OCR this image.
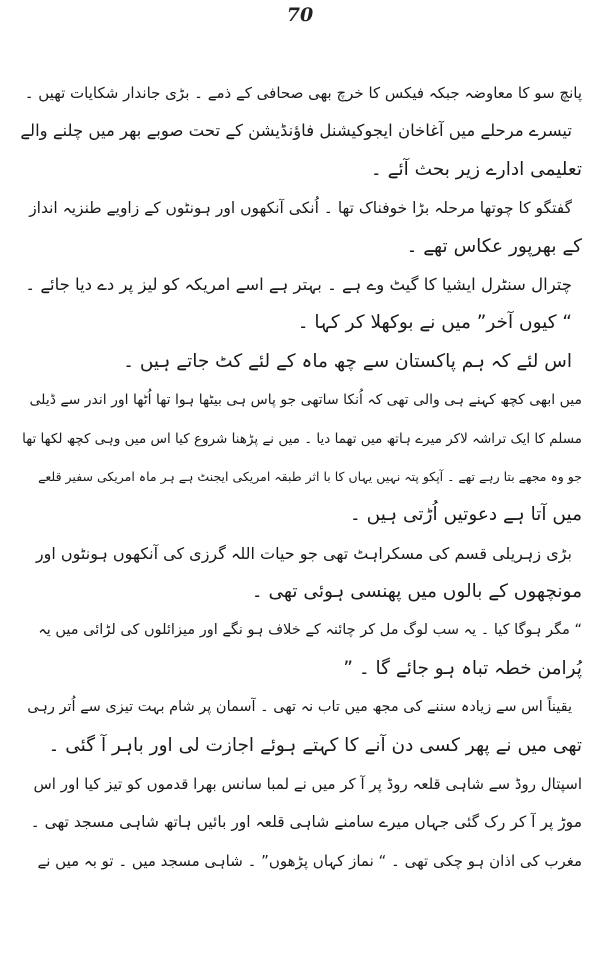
70
پانچ سو کا معاوضہ جبکہ فیکس کا خرچ بھی صحافی کے ذمے ۔ بڑی جاندار شکایات تھیں ۔
تیسرے مرحلے میں آغاخان ایجوکیشنل فاؤنڈیشن کے تحت صوبے بھر میں چلنے والے
تعلیمی ادارے زیر بحث آئے ۔
گفتگو کا چوتھا مرحلہ بڑا خوفناک تھا ۔ اُنکی آنکھوں اور ہونٹوں کے زاویے طنزیہ انداز
کے بھرپور عکاس تھے ۔
چترال سنٹرل ایشیا کا گیٹ وے ہے ۔ بہتر ہے اسے امریکہ کو لیز پر دے دیا جائے ۔
“ کیوں آخر” میں نے بوکھلا کر کہا ۔
اس لئے کہ ہم پاکستان سے چھ ماہ کے لئے کٹ جاتے ہیں ۔
میں ابھی کچھ کہنے ہی والی تھی کہ اُنکا ساتھی جو پاس ہی بیٹھا ہوا تھا اُٹھا اور اندر سے ڈیلی
مسلم کا ایک تراشہ لاکر میرے ہاتھ میں تھما دیا ۔ میں نے پڑھنا شروع کیا اس میں وہی کچھ لکھا تھا
جو وہ مجھے بتا رہے تھے ۔ آپکو پتہ نہیں یہاں کا با اثر طبقہ امریکی ایجنٹ ہے ہر ماہ امریکی سفیر قلعے
میں آتا ہے دعوتیں اُڑتی ہیں ۔
بڑی زہریلی قسم کی مسکراہٹ تھی جو حیات اللہ گرزی کی آنکھوں ہونٹوں اور
مونچھوں کے بالوں میں پھنسی ہوئی تھی ۔
“ مگر ہوگا کیا ۔ یہ سب لوگ مل کر چائنہ کے خلاف ہو نگے اور میزائلوں کی لڑائی میں یہ
پُرامن خطہ تباہ ہو جائے گا ۔ ”
یقیناً اس سے زیادہ سننے کی مجھ میں تاب نہ تھی ۔ آسمان پر شام بہت تیزی سے اُتر رہی
تھی میں نے پھر کسی دن آنے کا کہتے ہوئے اجازت لی اور باہر آ گئی ۔
اسپتال روڈ سے شاہی قلعہ روڈ پر آ کر میں نے لمبا سانس بھرا قدموں کو تیز کیا اور اس
موڑ پر آ کر رک گئی جہاں میرے سامنے شاہی قلعہ اور بائیں ہاتھ شاہی مسجد تھی ۔
مغرب کی اذان ہو چکی تھی ۔ “ نماز کہاں پڑھوں” ۔ شاہی مسجد میں ۔ تو بہ میں نے
